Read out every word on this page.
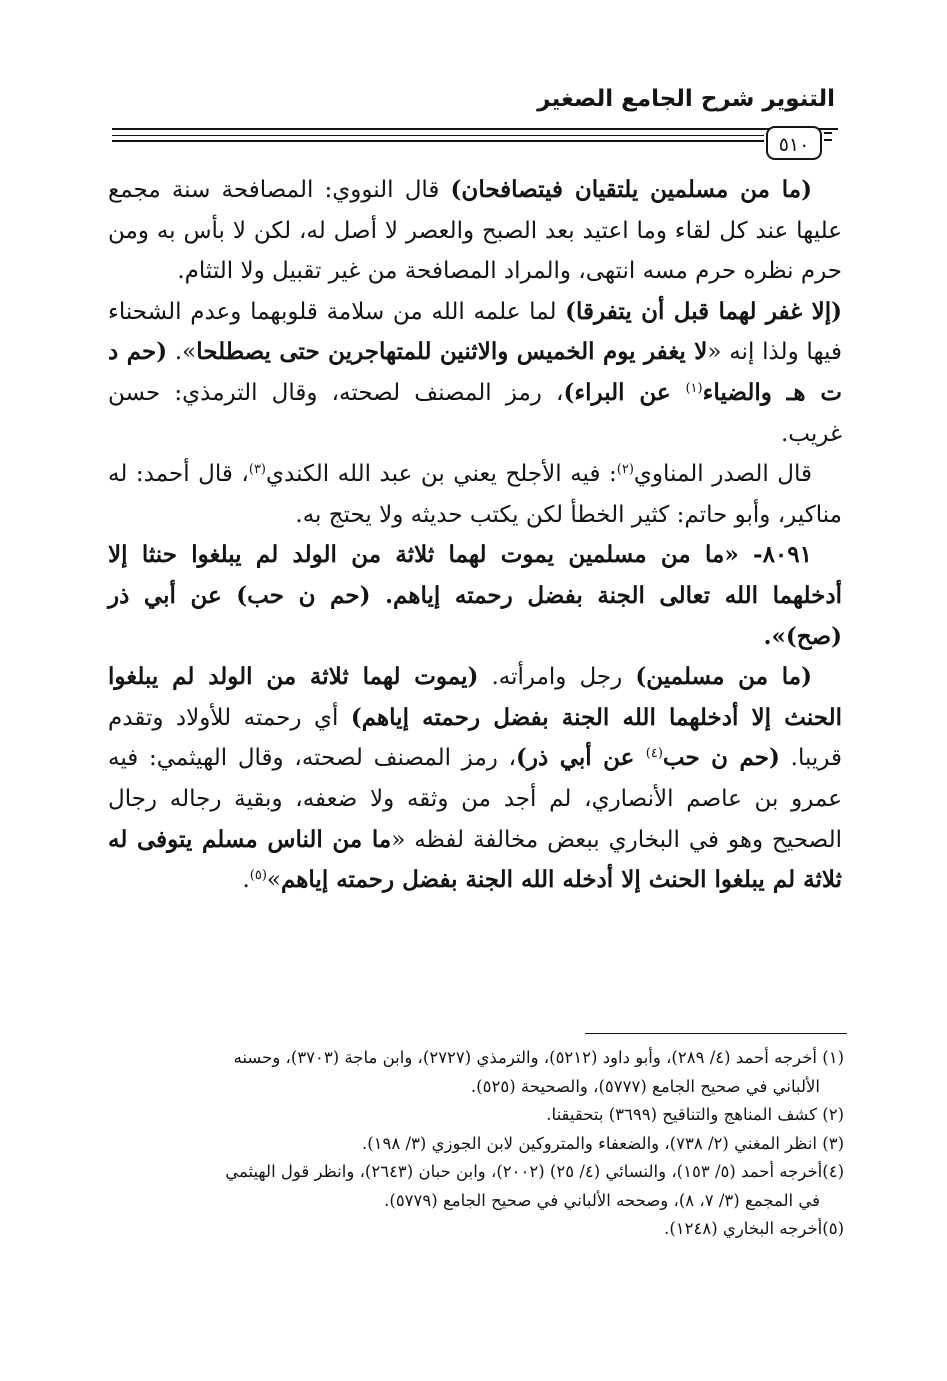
التنوير شرح الجامع الصغير
٥١٠

(ما من مسلمين يلتقيان فيتصافحان) قال النووي: المصافحة سنة مجمع عليها عند كل لقاء وما اعتيد بعد الصبح والعصر لا أصل له، لكن لا بأس به ومن حرم نظره حرم مسه انتهى، والمراد المصافحة من غير تقبيل ولا التثام.

(إلا غفر لهما قبل أن يتفرقا) لما علمه الله من سلامة قلوبهما وعدم الشحناء فيها ولذا إنه «لا يغفر يوم الخميس والاثنين للمتهاجرين حتى يصطلحا». (حم د ت هـ والضياء$^{(١)}$ عن البراء)، رمز المصنف لصحته، وقال الترمذي: حسن غريب.

قال الصدر المناوي$^{(٢)}$: فيه الأجلح يعني بن عبد الله الكندي$^{(٣)}$، قال أحمد: له مناكير، وأبو حاتم: كثير الخطأ لكن يكتب حديثه ولا يحتج به.

٨٠٩١- «ما من مسلمين يموت لهما ثلاثة من الولد لم يبلغوا حنثا إلا أدخلهما الله تعالى الجنة بفضل رحمته إياهم. (حم ن حب) عن أبي ذر (صح)».

(ما من مسلمين) رجل وامرأته. (يموت لهما ثلاثة من الولد لم يبلغوا الحنث إلا أدخلهما الله الجنة بفضل رحمته إياهم) أي رحمته للأولاد وتقدم قريبا. (حم ن حب$^{(٤)}$ عن أبي ذر)، رمز المصنف لصحته، وقال الهيثمي: فيه عمرو بن عاصم الأنصاري، لم أجد من وثقه ولا ضعفه، وبقية رجاله رجال الصحيح وهو في البخاري ببعض مخالفة لفظه «ما من الناس مسلم يتوفى له ثلاثة لم يبلغوا الحنث إلا أدخله الله الجنة بفضل رحمته إياهم»$^{(٥)}$.

(١) أخرجه أحمد (٤/ ٢٨٩)، وأبو داود (٥٢١٢)، والترمذي (٢٧٢٧)، وابن ماجة (٣٧٠٣)، وحسنه

الألباني في صحيح الجامع (٥٧٧٧)، والصحيحة (٥٢٥).

(٢) كشف المناهج والتناقيح (٣٦٩٩) بتحقيقنا.

(٣) انظر المغني (٢/ ٧٣٨)، والضعفاء والمتروكين لابن الجوزي (٣/ ١٩٨).

(٤)أخرجه أحمد (٥/ ١٥٣)، والنسائي (٤/ ٢٥) (٢٠٠٢)، وابن حبان (٢٦٤٣)، وانظر قول الهيثمي

في المجمع (٣/ ٧، ٨)، وصححه الألباني في صحيح الجامع (٥٧٧٩).

(٥)أخرجه البخاري (١٢٤٨).
